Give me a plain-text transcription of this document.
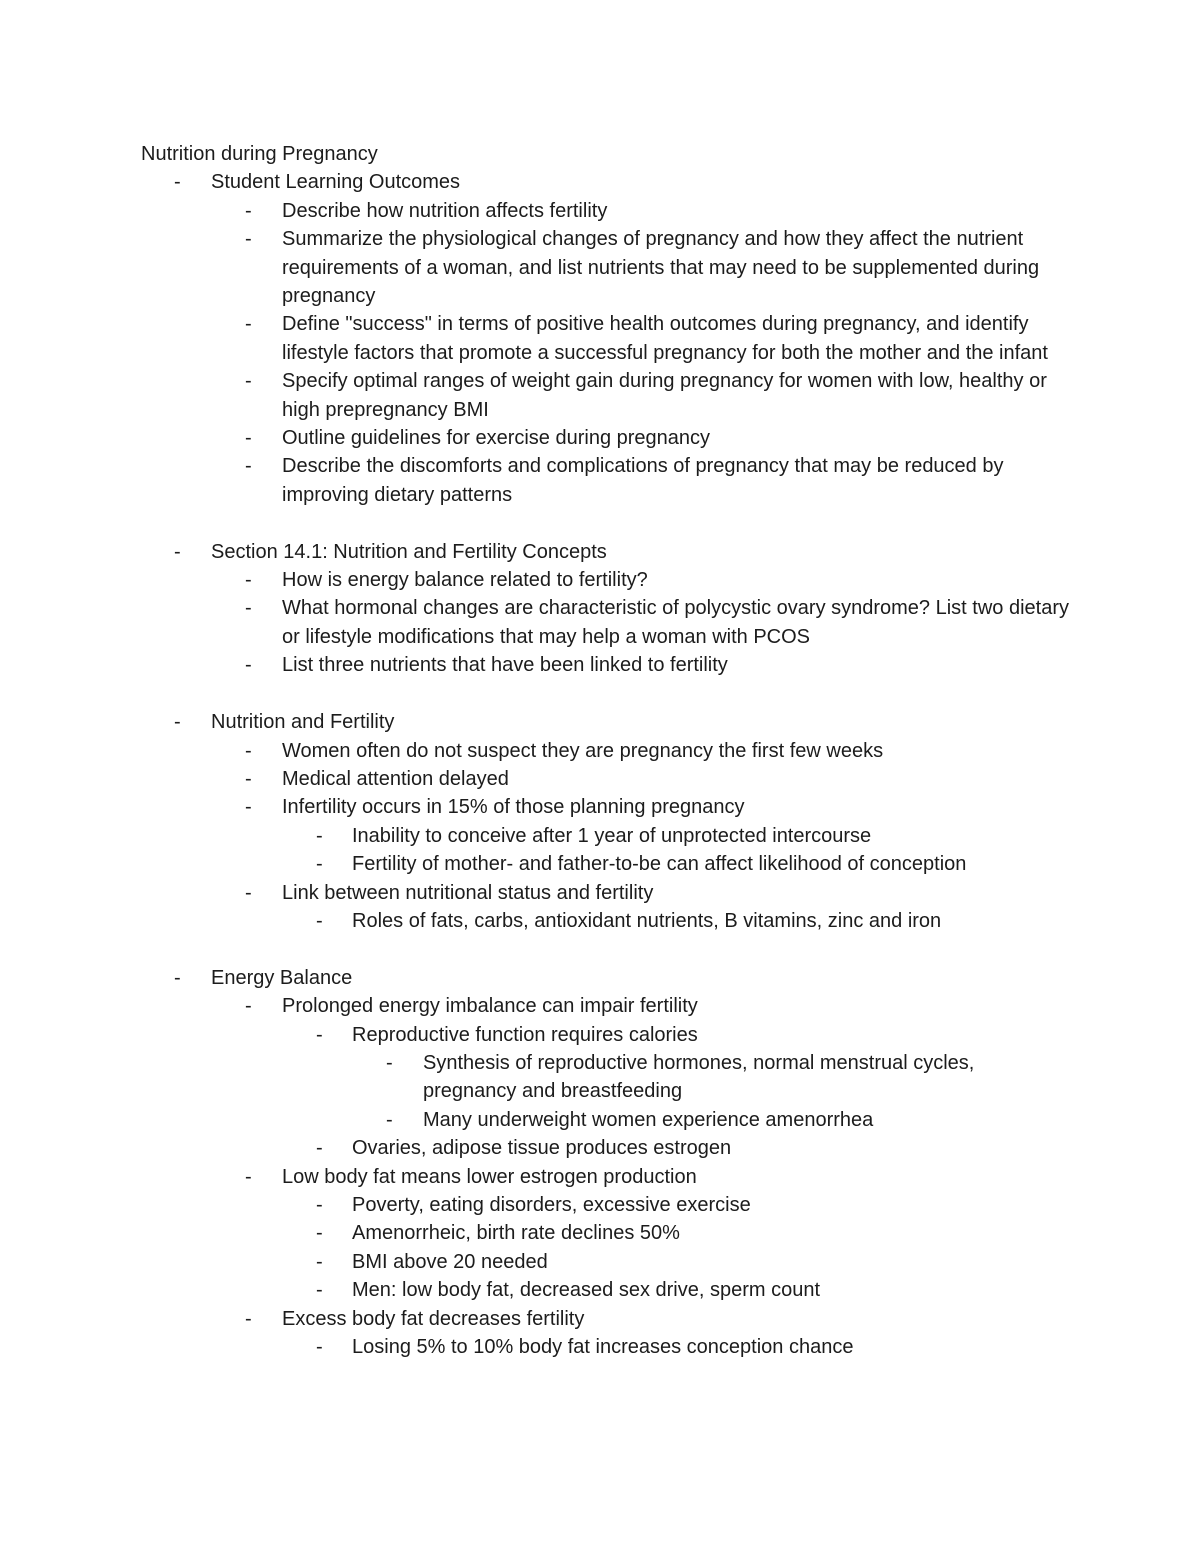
Nutrition during Pregnancy
-	Student Learning Outcomes
-	Describe how nutrition affects fertility
-	Summarize the physiological changes of pregnancy and how they affect the nutrient requirements of a woman, and list nutrients that may need to be supplemented during pregnancy
-	Define "success" in terms of positive health outcomes during pregnancy, and identify lifestyle factors that promote a successful pregnancy for both the mother and the infant
-	Specify optimal ranges of weight gain during pregnancy for women with low, healthy or high prepregnancy BMI
-	Outline guidelines for exercise during pregnancy
-	Describe the discomforts and complications of pregnancy that may be reduced by improving dietary patterns
-	Section 14.1: Nutrition and Fertility Concepts
-	How is energy balance related to fertility?
-	What hormonal changes are characteristic of polycystic ovary syndrome? List two dietary or lifestyle modifications that may help a woman with PCOS
-	List three nutrients that have been linked to fertility
-	Nutrition and Fertility
-	Women often do not suspect they are pregnancy the first few weeks
-	Medical attention delayed
-	Infertility occurs in 15% of those planning pregnancy
-	Inability to conceive after 1 year of unprotected intercourse
-	Fertility of mother- and father-to-be can affect likelihood of conception
-	Link between nutritional status and fertility
-	Roles of fats, carbs, antioxidant nutrients, B vitamins, zinc and iron
-	Energy Balance
-	Prolonged energy imbalance can impair fertility
-	Reproductive function requires calories
-	Synthesis of reproductive hormones, normal menstrual cycles, pregnancy and breastfeeding
-	Many underweight women experience amenorrhea
-	Ovaries, adipose tissue produces estrogen
-	Low body fat means lower estrogen production
-	Poverty, eating disorders, excessive exercise
-	Amenorrheic, birth rate declines 50%
-	BMI above 20 needed
-	Men: low body fat, decreased sex drive, sperm count
-	Excess body fat decreases fertility
-	Losing 5% to 10% body fat increases conception chance
